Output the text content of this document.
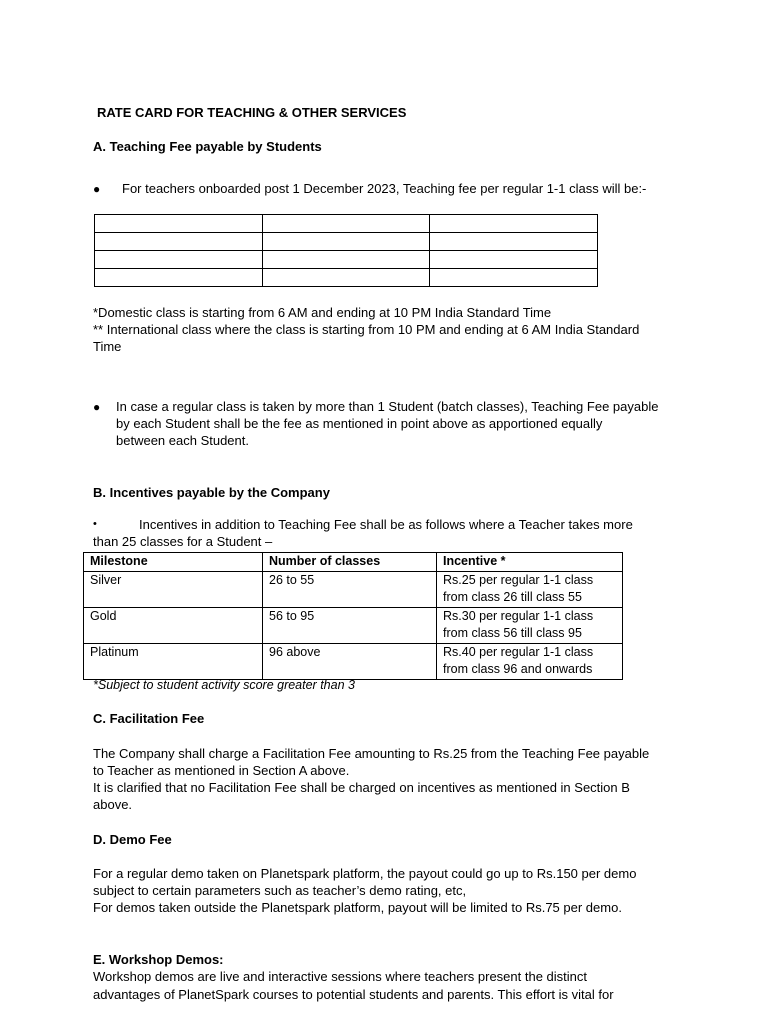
RATE CARD FOR TEACHING & OTHER SERVICES
A. Teaching Fee payable by Students
● For teachers onboarded post 1 December 2023, Teaching fee per regular 1-1 class will be:-

*Domestic class is starting from 6 AM and ending at 10 PM India Standard Time
** International class where the class is starting from 10 PM and ending at 6 AM India Standard
Time
● In case a regular class is taken by more than 1 Student (batch classes), Teaching Fee payable
by each Student shall be the fee as mentioned in point above as apportioned equally
between each Student.
B. Incentives payable by the Company
•	Incentives in addition to Teaching Fee shall be as follows where a Teacher takes more
than 25 classes for a Student –
Milestone	Number of classes	Incentive *
Silver	26 to 55	Rs.25 per regular 1-1 class
from class 26 till class 55

Gold	56 to 95	Rs.30 per regular 1-1 class
from class 56 till class 95

Platinum	96 above	Rs.40 per regular 1-1 class
from class 96 and onwards
*Subject to student activity score greater than 3
C. Facilitation Fee
The Company shall charge a Facilitation Fee amounting to Rs.25 from the Teaching Fee payable
to Teacher as mentioned in Section A above.
It is clarified that no Facilitation Fee shall be charged on incentives as mentioned in Section B
above.
D. Demo Fee
For a regular demo taken on Planetspark platform, the payout could go up to Rs.150 per demo
subject to certain parameters such as teacher’s demo rating, etc,
For demos taken outside the Planetspark platform, payout will be limited to Rs.75 per demo.
E. Workshop Demos:
Workshop demos are live and interactive sessions where teachers present the distinct
advantages of PlanetSpark courses to potential students and parents. This effort is vital for
